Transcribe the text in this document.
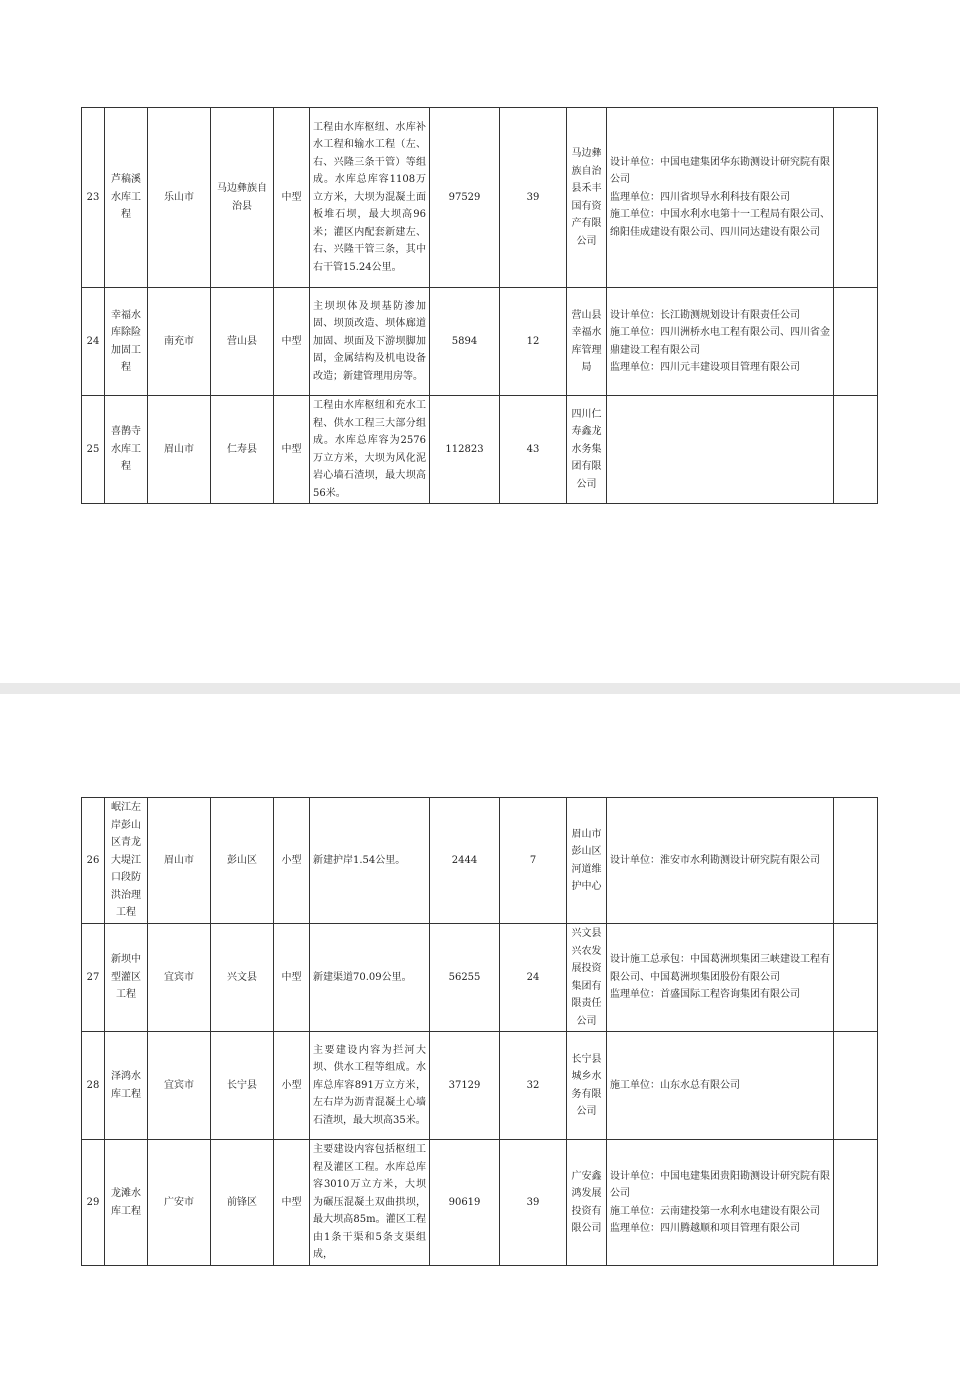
23	芦稿溪水库工程	乐山市	马边彝族自治县	中型	工程由水库枢纽、水库补水工程和输水工程（左、右、兴隆三条干管）等组成。水库总库容1108万立方米，大坝为混凝土面板堆石坝，最大坝高96米；灌区内配套新建左、右、兴隆干管三条，其中右干管15.24公里。	97529	39	马边彝族自治县禾丰国有资产有限公司	设计单位：中国电建集团华东勘测设计研究院有限公司
监理单位：四川省坝导水利科技有限公司
施工单位：中国水利水电第十一工程局有限公司、绵阳佳成建设有限公司、四川同达建设有限公司	

24	幸福水库除险加固工程	南充市	营山县	中型	主坝坝体及坝基防渗加固、坝顶改造、坝体廊道加固、坝面及下游坝脚加固，金属结构及机电设备改造；新建管理用房等。	5894	12	营山县幸福水库管理局	设计单位：长江勘测规划设计有限责任公司
施工单位：四川洲桥水电工程有限公司、四川省金鼎建设工程有限公司
监理单位：四川元丰建设项目管理有限公司	

25	喜鹊寺水库工程	眉山市	仁寿县	中型	工程由水库枢纽和充水工程、供水工程三大部分组成。水库总库容为2576万立方米，大坝为风化泥岩心墙石渣坝，最大坝高56米。	112823	43	四川仁寿鑫龙水务集团有限公司		
26	岷江左岸彭山区青龙大堤江口段防洪治理工程	眉山市	彭山区	小型	新建护岸1.54公里。	2444	7	眉山市彭山区河道维护中心	设计单位：淮安市水利勘测设计研究院有限公司	

27	新坝中型灌区工程	宜宾市	兴文县	中型	新建渠道70.09公里。	56255	24	兴文县兴农发展投资集团有限责任公司	设计施工总承包：中国葛洲坝集团三峡建设工程有限公司、中国葛洲坝集团股份有限公司
监理单位：首盛国际工程咨询集团有限公司	

28	泽鸿水库工程	宜宾市	长宁县	小型	主要建设内容为拦河大坝、供水工程等组成。水库总库容891万立方米，左右岸为沥青混凝土心墙石渣坝，最大坝高35米。	37129	32	长宁县城乡水务有限公司	施工单位：山东水总有限公司	

29	龙滩水库工程	广安市	前锋区	中型	主要建设内容包括枢纽工程及灌区工程。水库总库容3010万立方米，大坝为碾压混凝土双曲拱坝，最大坝高85m。灌区工程由1条干渠和5条支渠组成，	90619	39	广安鑫鸿发展投资有限公司	设计单位：中国电建集团贵阳勘测设计研究院有限公司
施工单位：云南建投第一水利水电建设有限公司
监理单位：四川腾越顺和项目管理有限公司	
